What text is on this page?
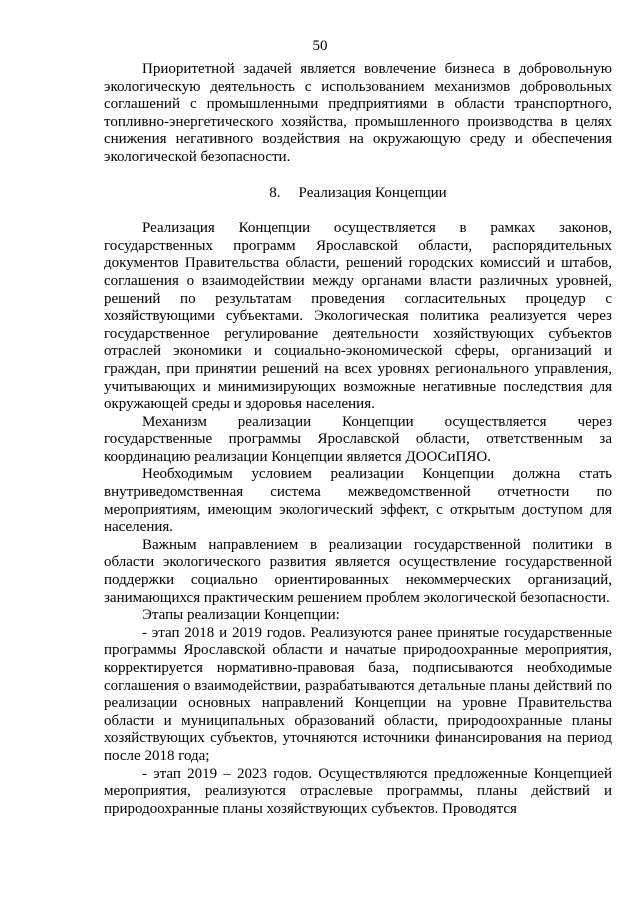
50

Приоритетной задачей является вовлечение бизнеса в добровольную экологическую деятельность с использованием механизмов добровольных соглашений с промышленными предприятиями в области транспортного, топливно-энергетического хозяйства, промышленного производства в целях снижения негативного воздействия на окружающую среду и обеспечения экологической безопасности.

8. Реализация Концепции

Реализация Концепции осуществляется в рамках законов, государственных программ Ярославской области, распорядительных документов Правительства области, решений городских комиссий и штабов, соглашения о взаимодействии между органами власти различных уровней, решений по результатам проведения согласительных процедур с хозяйствующими субъектами. Экологическая политика реализуется через государственное регулирование деятельности хозяйствующих субъектов отраслей экономики и социально-экономической сферы, организаций и граждан, при принятии решений на всех уровнях регионального управления, учитывающих и минимизирующих возможные негативные последствия для окружающей среды и здоровья населения.

Механизм реализации Концепции осуществляется через государственные программы Ярославской области, ответственным за координацию реализации Концепции является ДООСиПЯО.

Необходимым условием реализации Концепции должна стать внутриведомственная система межведомственной отчетности по мероприятиям, имеющим экологический эффект, с открытым доступом для населения.

Важным направлением в реализации государственной политики в области экологического развития является осуществление государственной поддержки социально ориентированных некоммерческих организаций, занимающихся практическим решением проблем экологической безопасности.

Этапы реализации Концепции:

- этап 2018 и 2019 годов. Реализуются ранее принятые государственные программы Ярославской области и начатые природоохранные мероприятия, корректируется нормативно-правовая база, подписываются необходимые соглашения о взаимодействии, разрабатываются детальные планы действий по реализации основных направлений Концепции на уровне Правительства области и муниципальных образований области, природоохранные планы хозяйствующих субъектов, уточняются источники финансирования на период после 2018 года;

- этап 2019 – 2023 годов. Осуществляются предложенные Концепцией мероприятия, реализуются отраслевые программы, планы действий и природоохранные планы хозяйствующих субъектов. Проводятся
